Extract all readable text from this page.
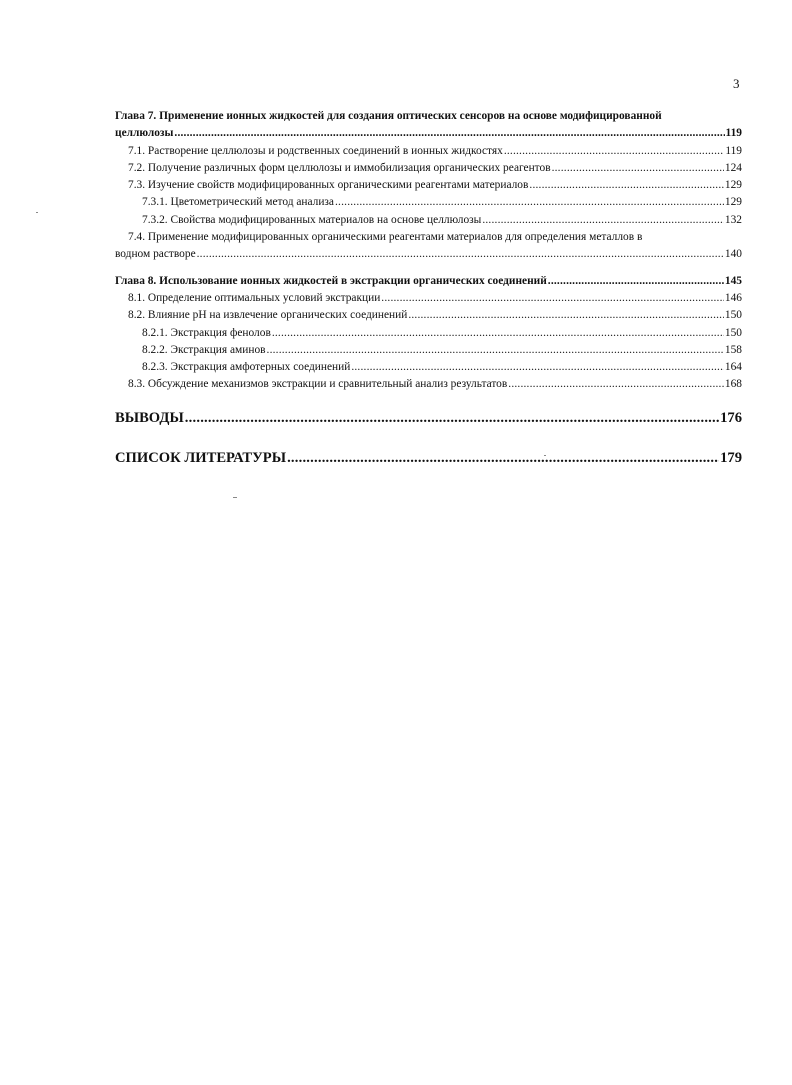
3
Глава 7. Применение ионных жидкостей для создания оптических сенсоров на основе модифицированной
целлюлозы .....	119
7.1. Растворение целлюлозы и родственных соединений в ионных жидкостях .....	119
7.2. Получение различных форм целлюлозы и иммобилизация органических реагентов .....	124
7.3. Изучение свойств модифицированных органическими реагентами материалов .....	129
7.3.1. Цветометрический метод анализа .....	129
7.3.2. Свойства модифицированных материалов на основе целлюлозы .....	132
7.4. Применение модифицированных органическими реагентами материалов для определения металлов в
водном растворе .....	140
Глава 8. Использование ионных жидкостей в экстракции органических соединений .....	145
8.1. Определение оптимальных условий экстракции .....	146
8.2. Влияние pH на извлечение органических соединений .....	150
8.2.1. Экстракция фенолов .....	150
8.2.2. Экстракция аминов .....	158
8.2.3. Экстракция амфотерных соединений .....	164
8.3. Обсуждение механизмов экстракции и сравнительный анализ результатов .....	168
ВЫВОДЫ .....	176
СПИСОК ЛИТЕРАТУРЫ .....	179
